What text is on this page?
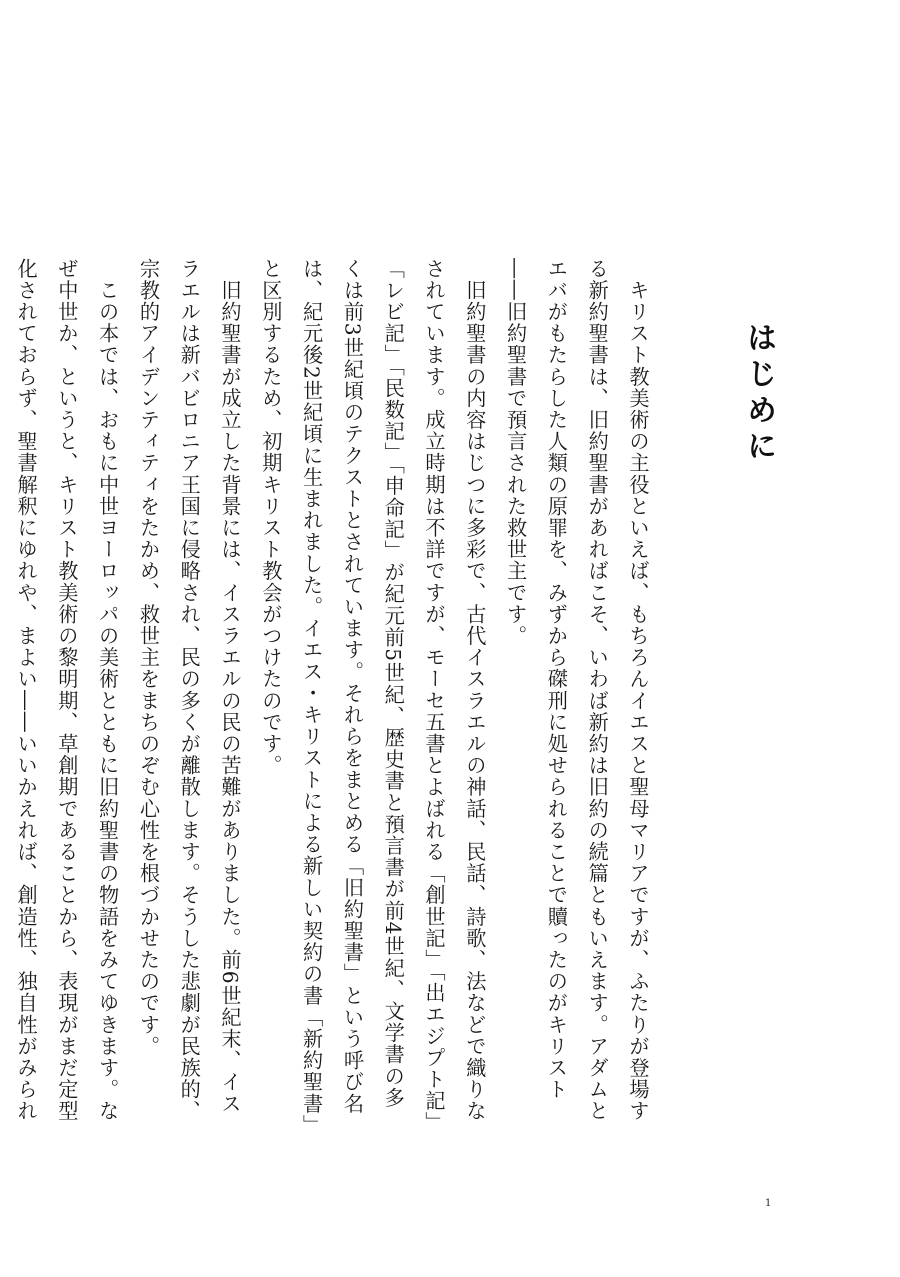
はじめに

キリスト教美術の主役といえば、もちろんイエスと聖母マリアですが、ふたりが登場する新約聖書は、旧約聖書があればこそ、いわば新約は旧約の続篇ともいえます。アダムとエバがもたらした人類の原罪を、みずから磔刑に処せられることで贖ったのがキリスト――旧約聖書で預言された救世主です。

旧約聖書の内容はじつに多彩で、古代イスラエルの神話、民話、詩歌、法などで織りなされています。成立時期は不詳ですが、モーセ五書とよばれる「創世記」「出エジプト記」「レビ記」「民数記」「申命記」が紀元前5世紀、歴史書と預言書が前4世紀、文学書の多くは前3世紀頃のテクストとされています。それらをまとめる「旧約聖書」という呼び名は、紀元後2世紀頃に生まれました。イエス・キリストによる新しい契約の書「新約聖書」と区別するため、初期キリスト教会がつけたのです。

旧約聖書が成立した背景には、イスラエルの民の苦難がありました。前6世紀末、イスラエルは新バビロニア王国に侵略され、民の多くが離散します。そうした悲劇が民族的、宗教的アイデンティティをたかめ、救世主をまちのぞむ心性を根づかせたのです。

この本では、おもに中世ヨーロッパの美術とともに旧約聖書の物語をみてゆきます。なぜ中世か、というと、キリスト教美術の黎明期、草創期であることから、表現がまだ定型化されておらず、聖書解釈にゆれや、まよい――いいかえれば、創造性、独自性がみられ

1
